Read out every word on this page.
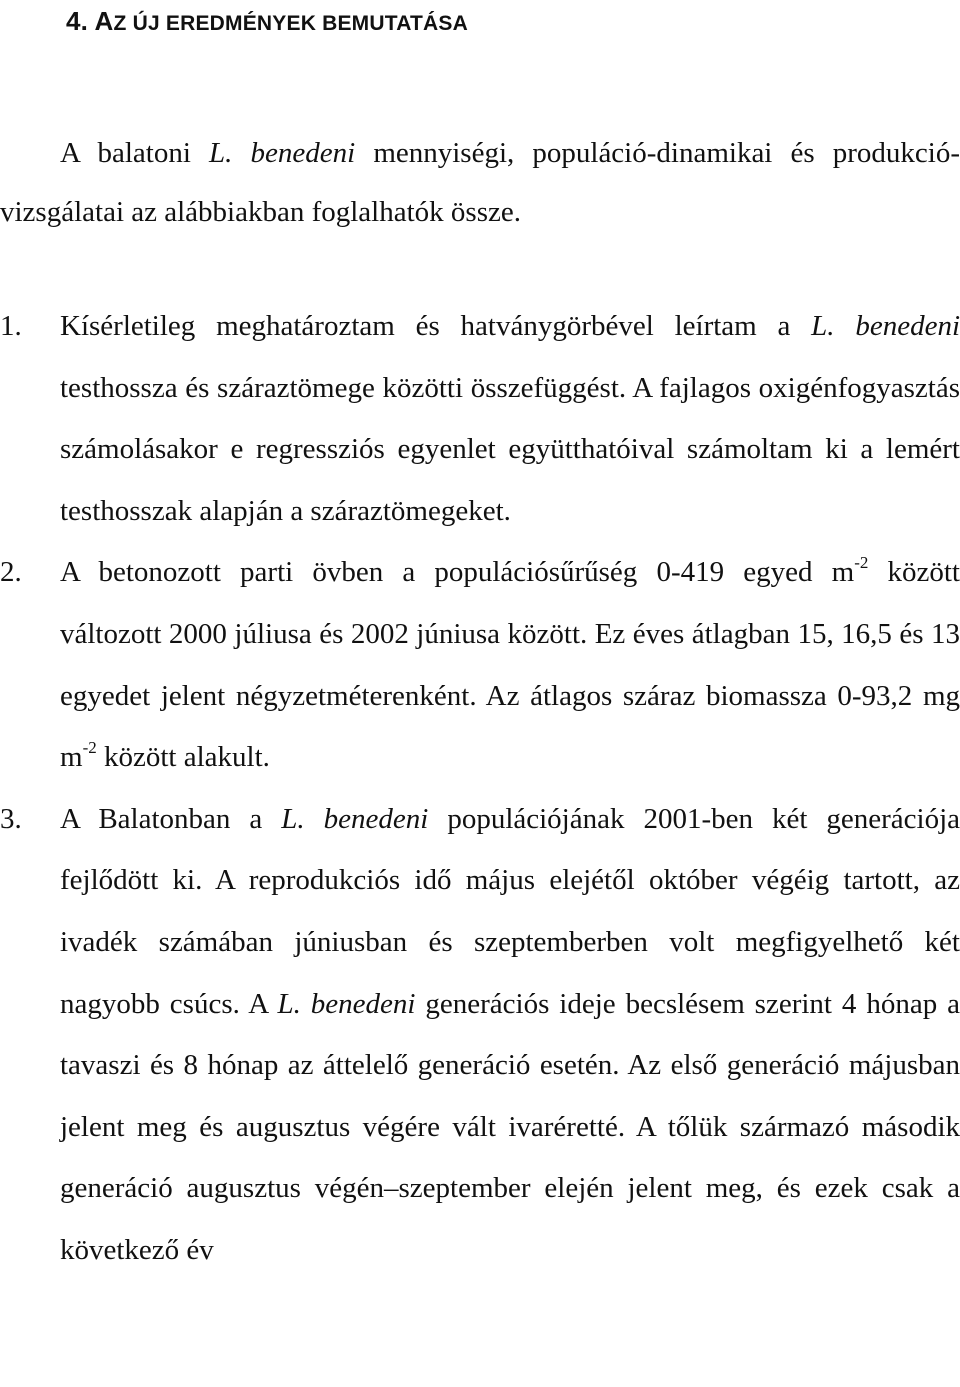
4. AZ ÚJ EREDMÉNYEK BEMUTATÁSA
A balatoni L. benedeni mennyiségi, populáció-dinamikai és produkció-vizsgálatai az alábbiakban foglalhatók össze.
1. Kísérletileg meghatároztam és hatványgörbével leírtam a L. benedeni testhossza és száraztömege közötti összefüggést. A fajlagos oxigénfogyasztás számolásakor e regressziós egyenlet együtthatóival számoltam ki a lemért testhosszak alapján a száraztömegeket.
2. A betonozott parti övben a populációsűrűség 0-419 egyed $m^{-2}$ között változott 2000 júliusa és 2002 júniusa között. Ez éves átlagban 15, 16,5 és 13 egyedet jelent négyzetméterenként. Az átlagos száraz biomassza 0-93,2 mg $m^{-2}$ között alakult.
3. A Balatonban a L. benedeni populációjának 2001-ben két generációja fejlődött ki. A reprodukciós idő május elejétől október végéig tartott, az ivadék számában júniusban és szeptemberben volt megfigyelhető két nagyobb csúcs. A L. benedeni generációs ideje becslésem szerint 4 hónap a tavaszi és 8 hónap az áttelelő generáció esetén. Az első generáció májusban jelent meg és augusztus végére vált ivaréretté. A tőlük származó második generáció augusztus végén–szeptember elején jelent meg, és ezek csak a következő év
